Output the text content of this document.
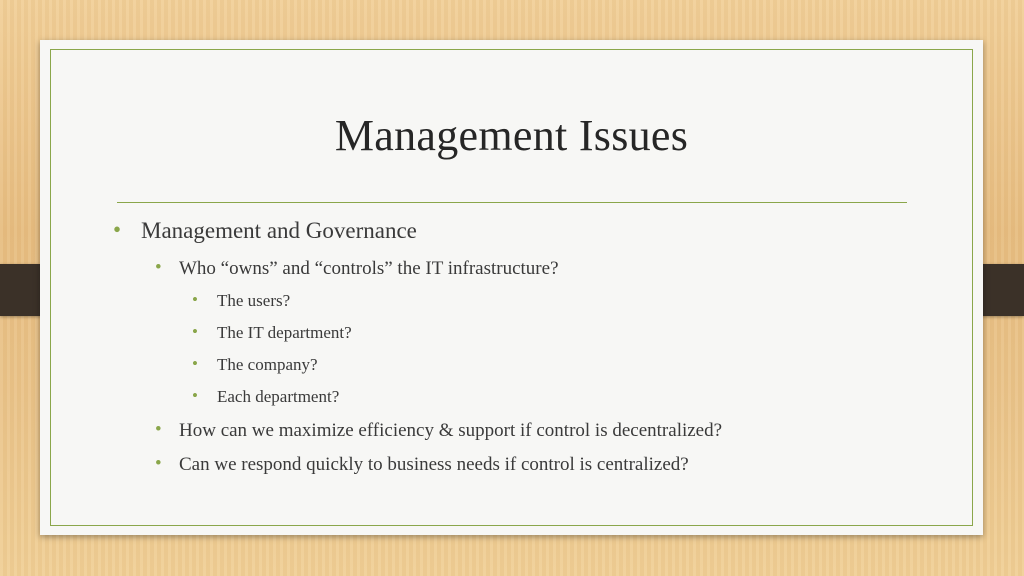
Management Issues
• Management and Governance
• Who “owns” and “controls” the IT infrastructure?
• The users?
• The IT department?
• The company?
• Each department?
• How can we maximize efficiency & support if control is decentralized?
• Can we respond quickly to business needs if control is centralized?
